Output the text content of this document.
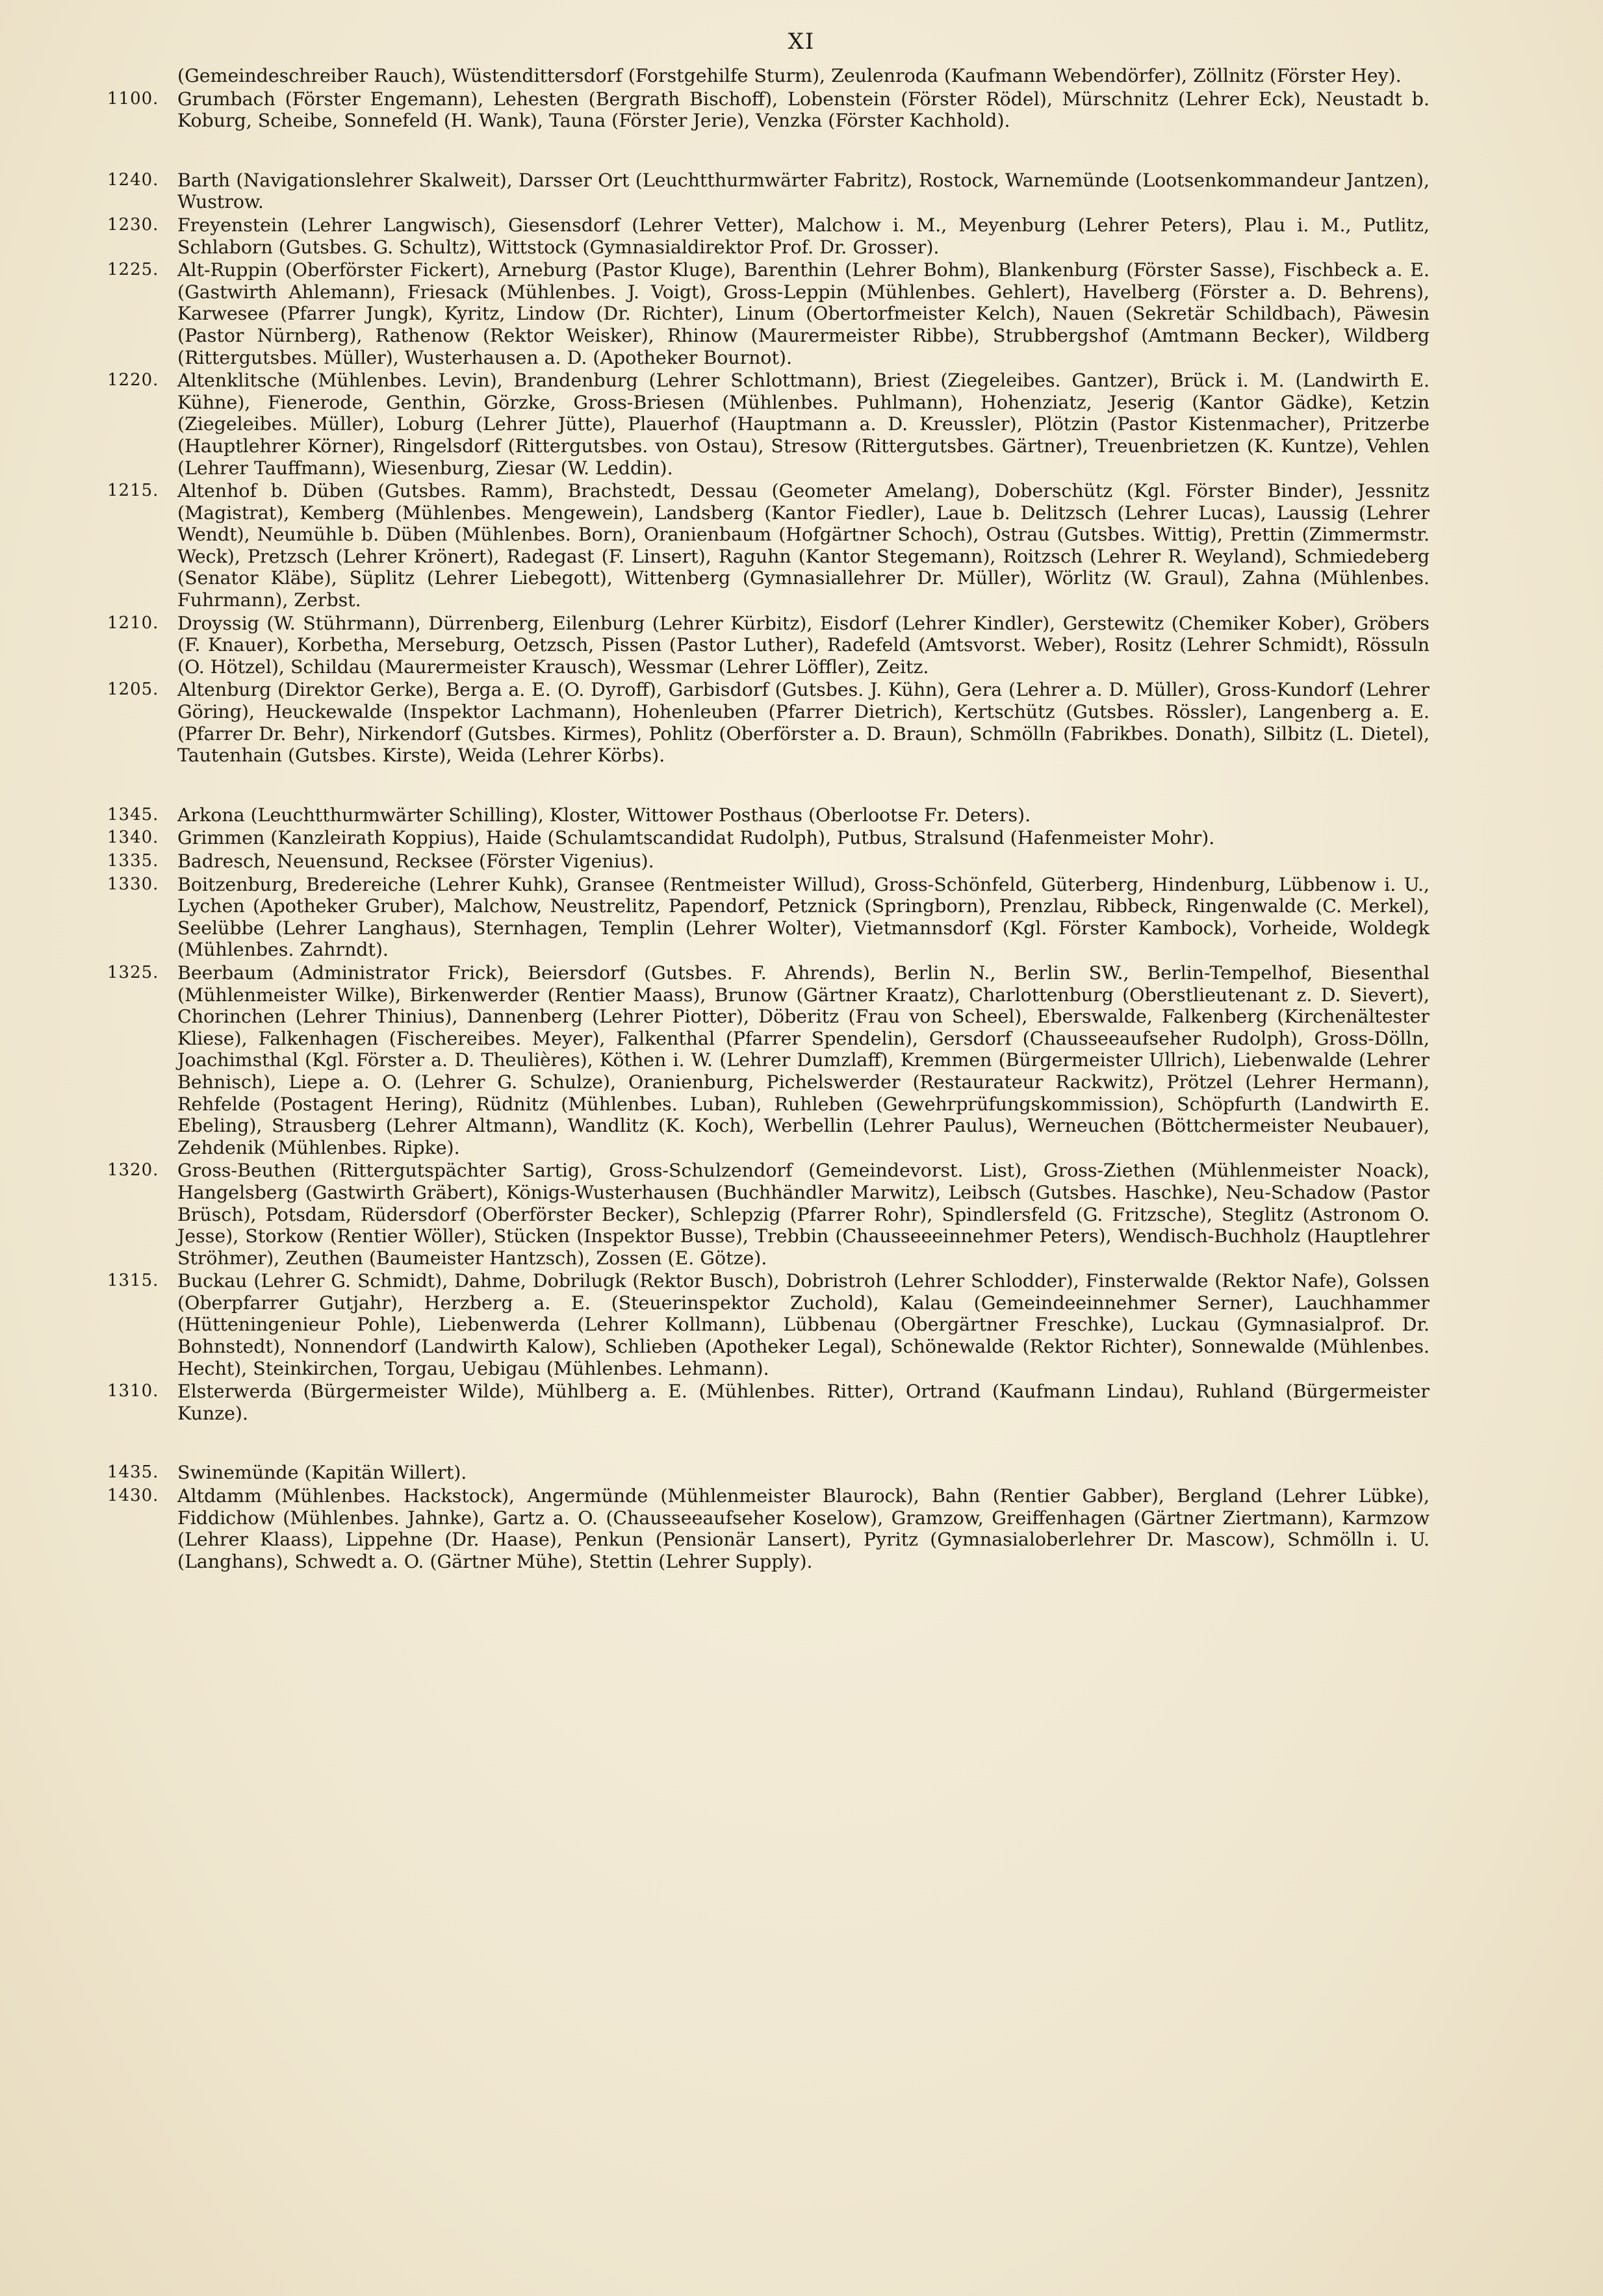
XI
(Gemeindeschreiber Rauch), Wüstendittersdorf (Forstgehilfe Sturm), Zeulenroda (Kaufmann Webendörfer), Zöllnitz (Förster Hey).
1100.	Grumbach (Förster Engemann), Lehesten (Bergrath Bischoff), Lobenstein (Förster Rödel), Mürschnitz (Lehrer Eck), Neustadt b. Koburg, Scheibe, Sonnefeld (H. Wank), Tauna (Förster Jerie), Venzka (Förster Kachhold).
1240.	Barth (Navigationslehrer Skalweit), Darsser Ort (Leuchtthurmwärter Fabritz), Rostock, Warnemünde (Lootsenkommandeur Jantzen), Wustrow.
1230.	Freyenstein (Lehrer Langwisch), Giesensdorf (Lehrer Vetter), Malchow i. M., Meyenburg (Lehrer Peters), Plau i. M., Putlitz, Schlaborn (Gutsbes. G. Schultz), Wittstock (Gymnasialdirektor Prof. Dr. Grosser).
1225.	Alt-Ruppin (Oberförster Fickert), Arneburg (Pastor Kluge), Barenthin (Lehrer Bohm), Blankenburg (Förster Sasse), Fischbeck a. E. (Gastwirth Ahlemann), Friesack (Mühlenbes. J. Voigt), Gross-Leppin (Mühlenbes. Gehlert), Havelberg (Förster a. D. Behrens), Karwesee (Pfarrer Jungk), Kyritz, Lindow (Dr. Richter), Linum (Obertorfmeister Kelch), Nauen (Sekretär Schildbach), Päwesin (Pastor Nürnberg), Rathenow (Rektor Weisker), Rhinow (Maurermeister Ribbe), Strubbergshof (Amtmann Becker), Wildberg (Rittergutsbes. Müller), Wusterhausen a. D. (Apotheker Bournot).
1220.	Altenklitsche (Mühlenbes. Levin), Brandenburg (Lehrer Schlottmann), Briest (Ziegeleibes. Gantzer), Brück i. M. (Landwirth E. Kühne), Fienerode, Genthin, Görzke, Gross-Briesen (Mühlenbes. Puhlmann), Hohenziatz, Jeserig (Kantor Gädke), Ketzin (Ziegeleibes. Müller), Loburg (Lehrer Jütte), Plauerhof (Hauptmann a. D. Kreussler), Plötzin (Pastor Kistenmacher), Pritzerbe (Hauptlehrer Körner), Ringelsdorf (Rittergutsbes. von Ostau), Stresow (Rittergutsbes. Gärtner), Treuenbrietzen (K. Kuntze), Vehlen (Lehrer Tauffmann), Wiesenburg, Ziesar (W. Leddin).
1215.	Altenhof b. Düben (Gutsbes. Ramm), Brachstedt, Dessau (Geometer Amelang), Doberschütz (Kgl. Förster Binder), Jessnitz (Magistrat), Kemberg (Mühlenbes. Mengewein), Landsberg (Kantor Fiedler), Laue b. Delitzsch (Lehrer Lucas), Laussig (Lehrer Wendt), Neumühle b. Düben (Mühlenbes. Born), Oranienbaum (Hofgärtner Schoch), Ostrau (Gutsbes. Wittig), Prettin (Zimmermstr. Weck), Pretzsch (Lehrer Krönert), Radegast (F. Linsert), Raguhn (Kantor Stegemann), Roitzsch (Lehrer R. Weyland), Schmiedeberg (Senator Kläbe), Süplitz (Lehrer Liebegott), Wittenberg (Gymnasiallehrer Dr. Müller), Wörlitz (W. Graul), Zahna (Mühlenbes. Fuhrmann), Zerbst.
1210.	Droyssig (W. Stührmann), Dürrenberg, Eilenburg (Lehrer Kürbitz), Eisdorf (Lehrer Kindler), Gerstewitz (Chemiker Kober), Gröbers (F. Knauer), Korbetha, Merseburg, Oetzsch, Pissen (Pastor Luther), Radefeld (Amtsvorst. Weber), Rositz (Lehrer Schmidt), Rössuln (O. Hötzel), Schildau (Maurermeister Krausch), Wessmar (Lehrer Löffler), Zeitz.
1205.	Altenburg (Direktor Gerke), Berga a. E. (O. Dyroff), Garbisdorf (Gutsbes. J. Kühn), Gera (Lehrer a. D. Müller), Gross-Kundorf (Lehrer Göring), Heuckewalde (Inspektor Lachmann), Hohenleuben (Pfarrer Dietrich), Kertschütz (Gutsbes. Rössler), Langenberg a. E. (Pfarrer Dr. Behr), Nirkendorf (Gutsbes. Kirmes), Pohlitz (Oberförster a. D. Braun), Schmölln (Fabrikbes. Donath), Silbitz (L. Dietel), Tautenhain (Gutsbes. Kirste), Weida (Lehrer Körbs).
1345.	Arkona (Leuchtthurmwärter Schilling), Kloster, Wittower Posthaus (Oberlootse Fr. Deters).
1340.	Grimmen (Kanzleirath Koppius), Haide (Schulamtscandidat Rudolph), Putbus, Stralsund (Hafenmeister Mohr).
1335.	Badresch, Neuensund, Recksee (Förster Vigenius).
1330.	Boitzenburg, Bredereiche (Lehrer Kuhk), Gransee (Rentmeister Willud), Gross-Schönfeld, Güterberg, Hindenburg, Lübbenow i. U., Lychen (Apotheker Gruber), Malchow, Neustrelitz, Papendorf, Petznick (Springborn), Prenzlau, Ribbeck, Ringenwalde (C. Merkel), Seelübbe (Lehrer Langhaus), Sternhagen, Templin (Lehrer Wolter), Vietmannsdorf (Kgl. Förster Kambock), Vorheide, Woldegk (Mühlenbes. Zahrndt).
1325.	Beerbaum (Administrator Frick), Beiersdorf (Gutsbes. F. Ahrends), Berlin N., Berlin SW., Berlin-Tempelhof, Biesenthal (Mühlenmeister Wilke), Birkenwerder (Rentier Maass), Brunow (Gärtner Kraatz), Charlottenburg (Oberstlieutenant z. D. Sievert), Chorinchen (Lehrer Thinius), Dannenberg (Lehrer Piotter), Döberitz (Frau von Scheel), Eberswalde, Falkenberg (Kirchenältester Kliese), Falkenhagen (Fischereibes. Meyer), Falkenthal (Pfarrer Spendelin), Gersdorf (Chausseeaufseher Rudolph), Gross-Dölln, Joachimsthal (Kgl. Förster a. D. Theulières), Köthen i. W. (Lehrer Dumzlaff), Kremmen (Bürgermeister Ullrich), Liebenwalde (Lehrer Behnisch), Liepe a. O. (Lehrer G. Schulze), Oranienburg, Pichelswerder (Restaurateur Rackwitz), Prötzel (Lehrer Hermann), Rehfelde (Postagent Hering), Rüdnitz (Mühlenbes. Luban), Ruhleben (Gewehrprüfungskommission), Schöpfurth (Landwirth E. Ebeling), Strausberg (Lehrer Altmann), Wandlitz (K. Koch), Werbellin (Lehrer Paulus), Werneuchen (Böttchermeister Neubauer), Zehdenik (Mühlenbes. Ripke).
1320.	Gross-Beuthen (Rittergutspächter Sartig), Gross-Schulzendorf (Gemeindevorst. List), Gross-Ziethen (Mühlenmeister Noack), Hangelsberg (Gastwirth Gräbert), Königs-Wusterhausen (Buchhändler Marwitz), Leibsch (Gutsbes. Haschke), Neu-Schadow (Pastor Brüsch), Potsdam, Rüdersdorf (Oberförster Becker), Schlepzig (Pfarrer Rohr), Spindlersfeld (G. Fritzsche), Steglitz (Astronom O. Jesse), Storkow (Rentier Wöller), Stücken (Inspektor Busse), Trebbin (Chausseeeinnehmer Peters), Wendisch-Buchholz (Hauptlehrer Ströhmer), Zeuthen (Baumeister Hantzsch), Zossen (E. Götze).
1315.	Buckau (Lehrer G. Schmidt), Dahme, Dobrilugk (Rektor Busch), Dobristroh (Lehrer Schlodder), Finsterwalde (Rektor Nafe), Golssen (Oberpfarrer Gutjahr), Herzberg a. E. (Steuerinspektor Zuchold), Kalau (Gemeindeeinnehmer Serner), Lauchhammer (Hütteningenieur Pohle), Liebenwerda (Lehrer Kollmann), Lübbenau (Obergärtner Freschke), Luckau (Gymnasialprof. Dr. Bohnstedt), Nonnendorf (Landwirth Kalow), Schlieben (Apotheker Legal), Schönewalde (Rektor Richter), Sonnewalde (Mühlenbes. Hecht), Steinkirchen, Torgau, Uebigau (Mühlenbes. Lehmann).
1310.	Elsterwerda (Bürgermeister Wilde), Mühlberg a. E. (Mühlenbes. Ritter), Ortrand (Kaufmann Lindau), Ruhland (Bürgermeister Kunze).
1435.	Swinemünde (Kapitän Willert).
1430.	Altdamm (Mühlenbes. Hackstock), Angermünde (Mühlenmeister Blaurock), Bahn (Rentier Gabber), Bergland (Lehrer Lübke), Fiddichow (Mühlenbes. Jahnke), Gartz a. O. (Chausseeaufseher Koselow), Gramzow, Greiffenhagen (Gärtner Ziertmann), Karmzow (Lehrer Klaass), Lippehne (Dr. Haase), Penkun (Pensionär Lansert), Pyritz (Gymnasialoberlehrer Dr. Mascow), Schmölln i. U. (Langhans), Schwedt a. O. (Gärtner Mühe), Stettin (Lehrer Supply).
